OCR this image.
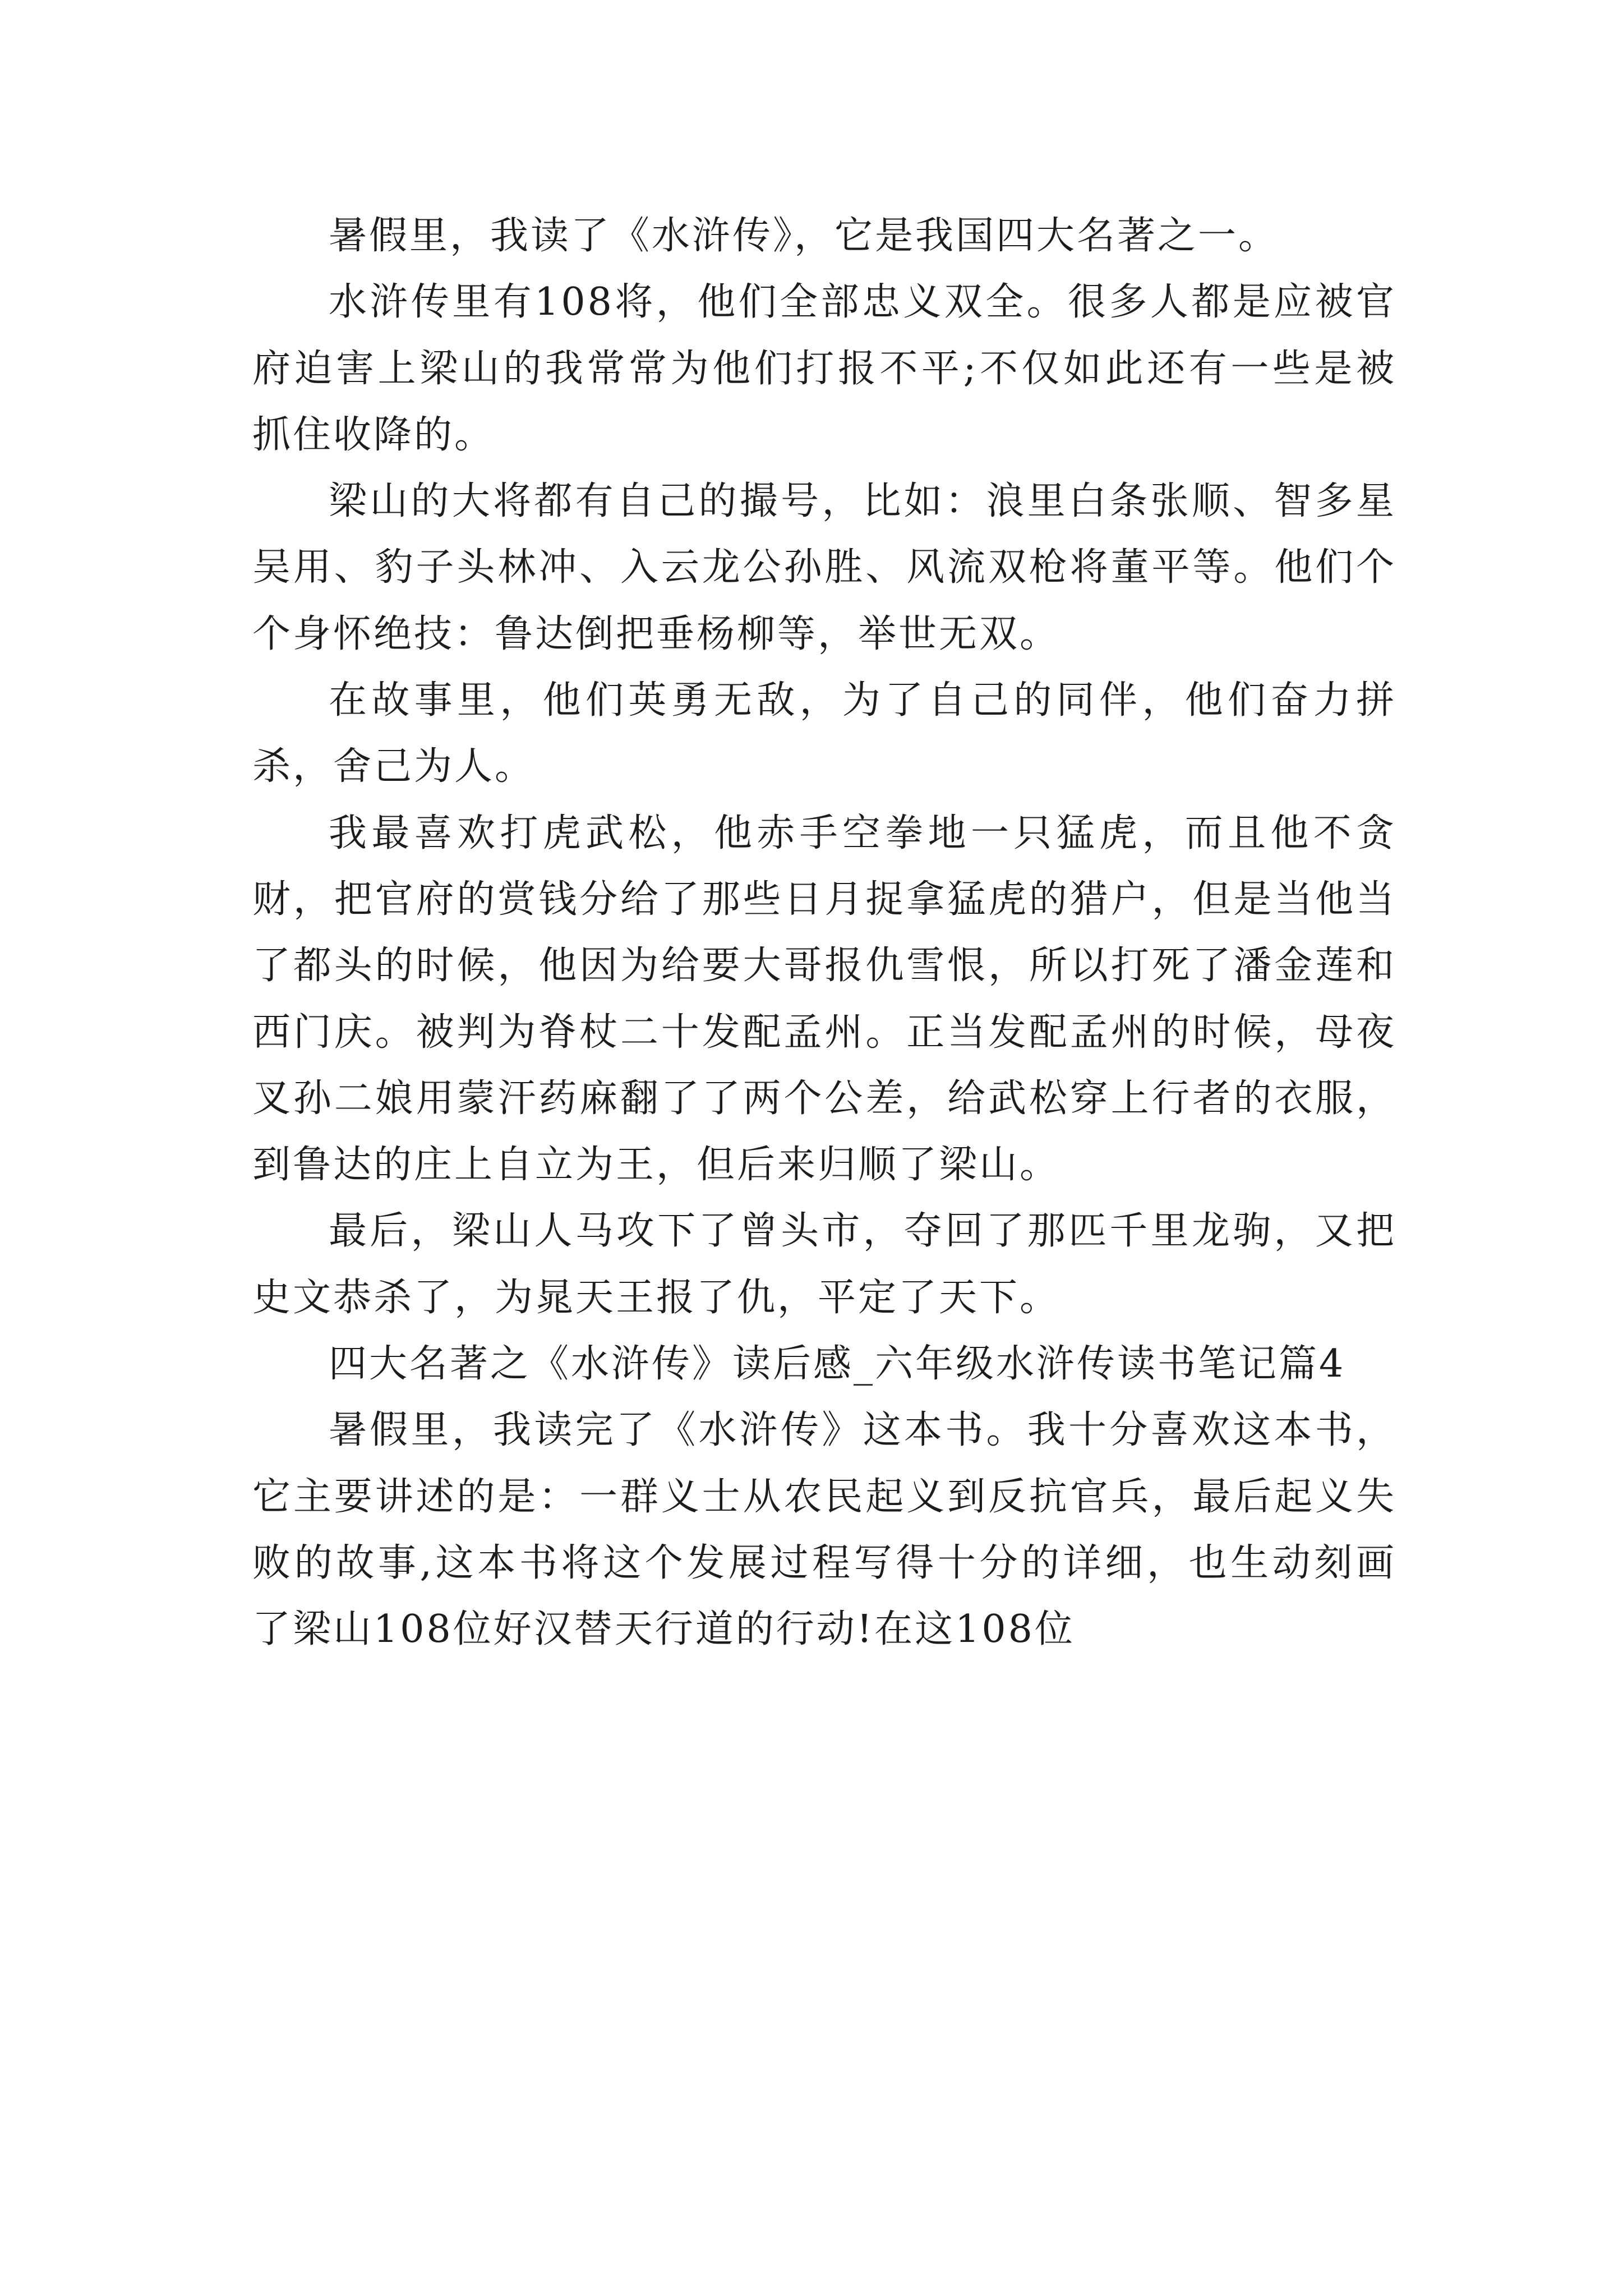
暑假里，我读了《水浒传》，它是我国四大名著之一。

水浒传里有108将，他们全部忠义双全。很多人都是应被官府迫害上梁山的我常常为他们打报不平;不仅如此还有一些是被抓住收降的。

梁山的大将都有自己的撮号，比如：浪里白条张顺、智多星吴用、豹子头林冲、入云龙公孙胜、风流双枪将董平等。他们个个身怀绝技：鲁达倒把垂杨柳等，举世无双。

在故事里，他们英勇无敌，为了自己的同伴，他们奋力拼杀，舍己为人。

我最喜欢打虎武松，他赤手空拳地一只猛虎，而且他不贪财，把官府的赏钱分给了那些日月捉拿猛虎的猎户，但是当他当了都头的时候，他因为给要大哥报仇雪恨，所以打死了潘金莲和西门庆。被判为脊杖二十发配孟州。正当发配孟州的时候，母夜叉孙二娘用蒙汗药麻翻了了两个公差，给武松穿上行者的衣服，到鲁达的庄上自立为王，但后来归顺了梁山。

最后，梁山人马攻下了曾头市，夺回了那匹千里龙驹，又把史文恭杀了，为晁天王报了仇，平定了天下。

四大名著之《水浒传》读后感_六年级水浒传读书笔记篇4

暑假里，我读完了《水浒传》这本书。我十分喜欢这本书，它主要讲述的是：一群义士从农民起义到反抗官兵，最后起义失败的故事,这本书将这个发展过程写得十分的详细，也生动刻画了梁山108位好汉替天行道的行动!在这108位
